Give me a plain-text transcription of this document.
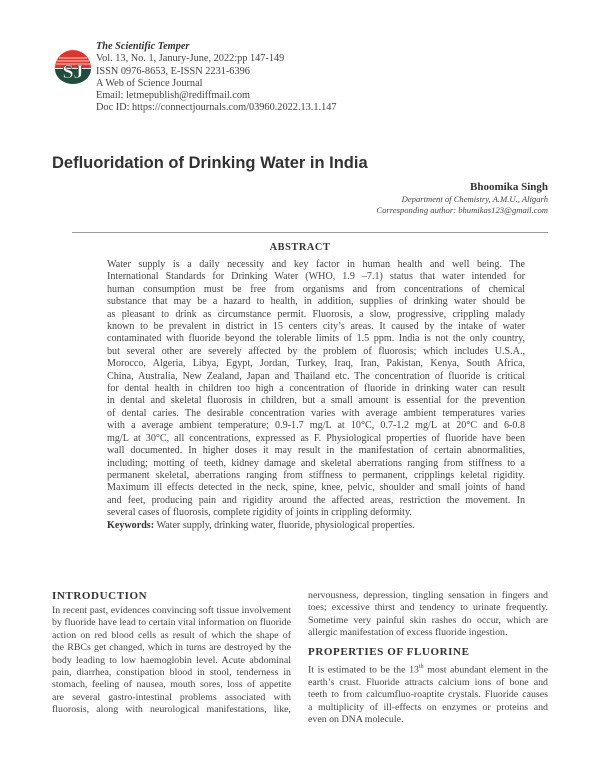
SJ
The Scientific Temper
Vol. 13, No. 1, Janury-June, 2022:pp 147-149
ISSN 0976-8653, E-ISSN 2231-6396
A Web of Science Journal
Email: letmepublish@rediffmail.com
Doc ID: https://connectjournals.com/03960.2022.13.1.147
Defluoridation of Drinking Water in India
Bhoomika Singh
Department of Chemistry, A.M.U., Aligarh
Corresponding author: bhumikas123@gmail.com
ABSTRACT
Water supply is a daily necessity and key factor in human health and well being. The
International Standards for Drinking Water (WHO, 1.9 –7.1) status that water intended for
human consumption must be free from organisms and from concentrations of chemical
substance that may be a hazard to health, in addition, supplies of drinking water should be
as pleasant to drink as circumstance permit. Fluorosis, a slow, progressive, crippling malady
known to be prevalent in district in 15 centers city’s areas. It caused by the intake of water
contaminated with fluoride beyond the tolerable limits of 1.5 ppm. India is not the only country,
but several other are severely affected by the problem of fluorosis; which includes U.S.A.,
Morocco, Algeria, Libya, Egypt, Jordan, Turkey, Iraq, Iran, Pakistan, Kenya, South Africa,
China, Australia, New Zealand, Japan and Thailand etc. The concentration of fluoride is critical
for dental health in children too high a concentration of fluoride in drinking water can result
in dental and skeletal fluorosis in children, but a small amount is essential for the prevention
of dental caries. The desirable concentration varies with average ambient temperatures varies
with a average ambient temperature; 0.9-1.7 mg/L at 10°C, 0.7-1.2 mg/L at 20°C and 6-0.8
mg/L at 30°C, all concentrations, expressed as F. Physiological properties of fluoride have been
wall documented. In higher doses it may result in the manifestation of certain abnormalities,
including; motting of teeth, kidney damage and skeletal aberrations ranging from stiffness to a
permanent skeletal, aberrations ranging from stiffness to permanent, cripplings keletal rigidity.
Maximum ill effects detected in the neck, spine, knee, pelvic, shoulder and small joints of hand
and feet, producing pain and rigidity around the affected areas, restriction the movement. In
several cases of fluorosis, complete rigidity of joints in crippling deformity.
Keywords: Water supply, drinking water, fluoride, physiological properties.
INTRODUCTION
In recent past, evidences convincing soft tissue involvement
by fluoride have lead to certain vital information on fluoride
action on red blood cells as result of which the shape of
the RBCs get changed, which in turns are destroyed by the
body leading to low haemoglobin level. Acute abdominal
pain, diarrhea, constipation blood in stool, tenderness in
stomach, feeling of nausea, mouth sores, loss of appetite
are several gastro-intestinal problems associated with
fluorosis, along with neurological manifestations, like,
nervousness, depression, tingling sensation in fingers and
toes; excessive thirst and tendency to urinate frequently.
Sometime very painful skin rashes do occur, which are
allergic manifestation of excess fluoride ingestion.
PROPERTIES OF FLUORINE
It is estimated to be the 13th most abundant element in the
earth’s crust. Fluoride attracts calcium ions of bone and
teeth to from calcumfluo-roaptite crystals. Fluoride causes
a multiplicity of ill-effects on enzymes or proteins and
even on DNA molecule.
